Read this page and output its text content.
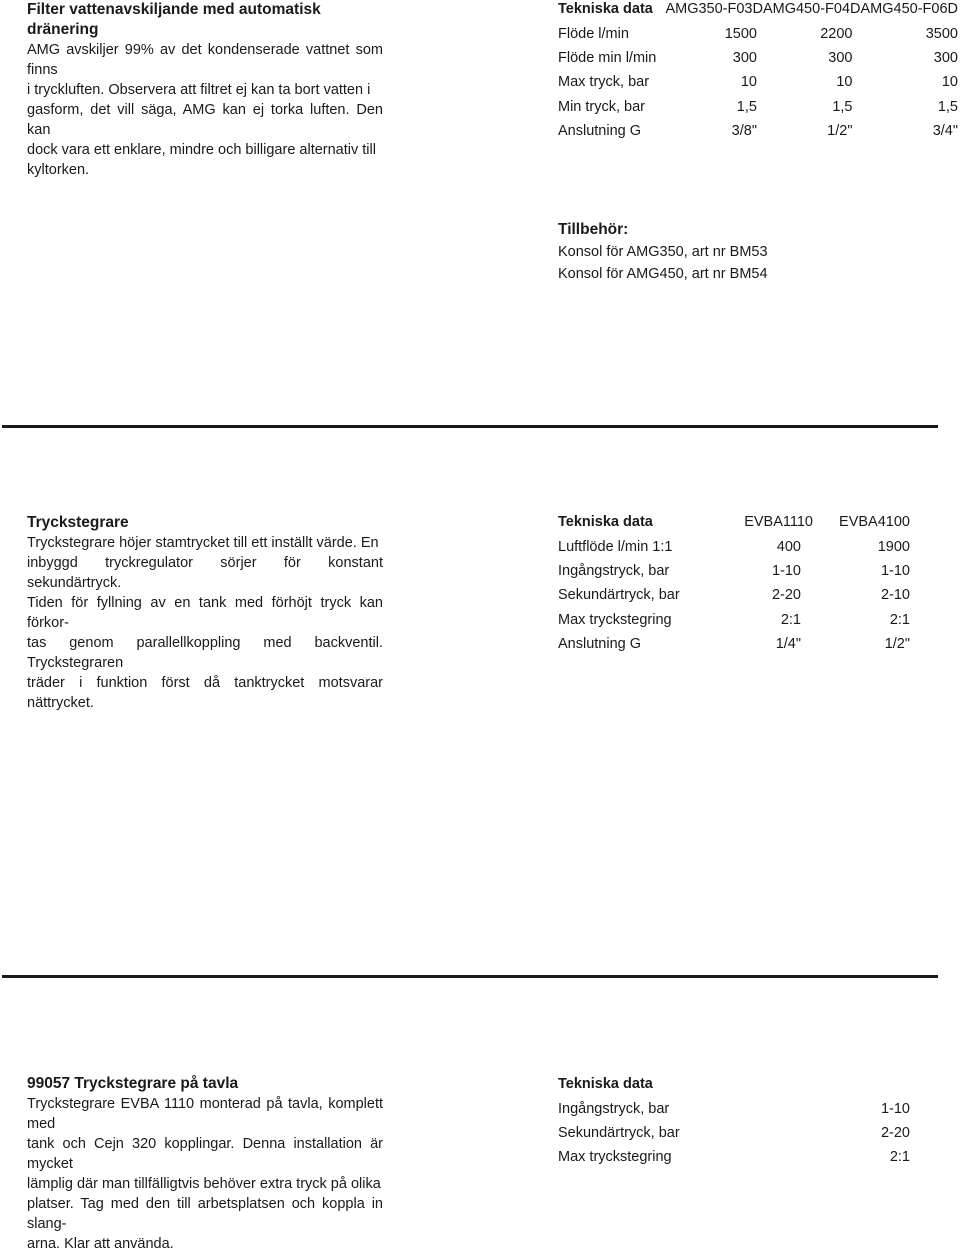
Filter vattenavskiljande med automatisk dränering

AMG avskiljer 99% av det kondenserade vattnet som finns

i tryckluften. Observera att filtret ej kan ta bort vatten i

gasform, det vill säga, AMG kan ej torka luften. Den kan

dock vara ett enklare, mindre och billigare alternativ till

kyltorken.

Tekniska data	AMG350-F03D	AMG450-F04D	AMG450-F06D
Flöde l/min	1500	2200	3500
Flöde min l/min	300	300	300
Max tryck, bar	10	10	10
Min tryck, bar	1,5	1,5	1,5
Anslutning G	3/8"	1/2"	3/4"

Tillbehör:

Konsol för AMG350, art nr BM53
Konsol för AMG450, art nr BM54

Tryckstegrare

Tryckstegrare höjer stamtrycket till ett inställt värde. En

inbyggd tryckregulator sörjer för konstant sekundärtryck.

Tiden för fyllning av en tank med förhöjt tryck kan förkor-

tas genom parallellkoppling med backventil. Tryckstegraren

träder i funktion först då tanktrycket motsvarar nättrycket.

Tekniska data	EVBA1110	EVBA4100
Luftflöde l/min 1:1	400	1900
Ingångstryck, bar	1-10	1-10
Sekundärtryck, bar	2-20	2-10
Max tryckstegring	2:1	2:1
Anslutning G	1/4"	1/2"

99057 Tryckstegrare på tavla

Tryckstegrare EVBA 1110 monterad på tavla, komplett med

tank och Cejn 320 kopplingar. Denna installation är mycket

lämplig där man tillfälligtvis behöver extra tryck på olika

platser. Tag med den till arbetsplatsen och koppla in slang-

arna. Klar att använda.

Tekniska data	
Ingångstryck, bar	1-10
Sekundärtryck, bar	2-20
Max tryckstegring	2:1
